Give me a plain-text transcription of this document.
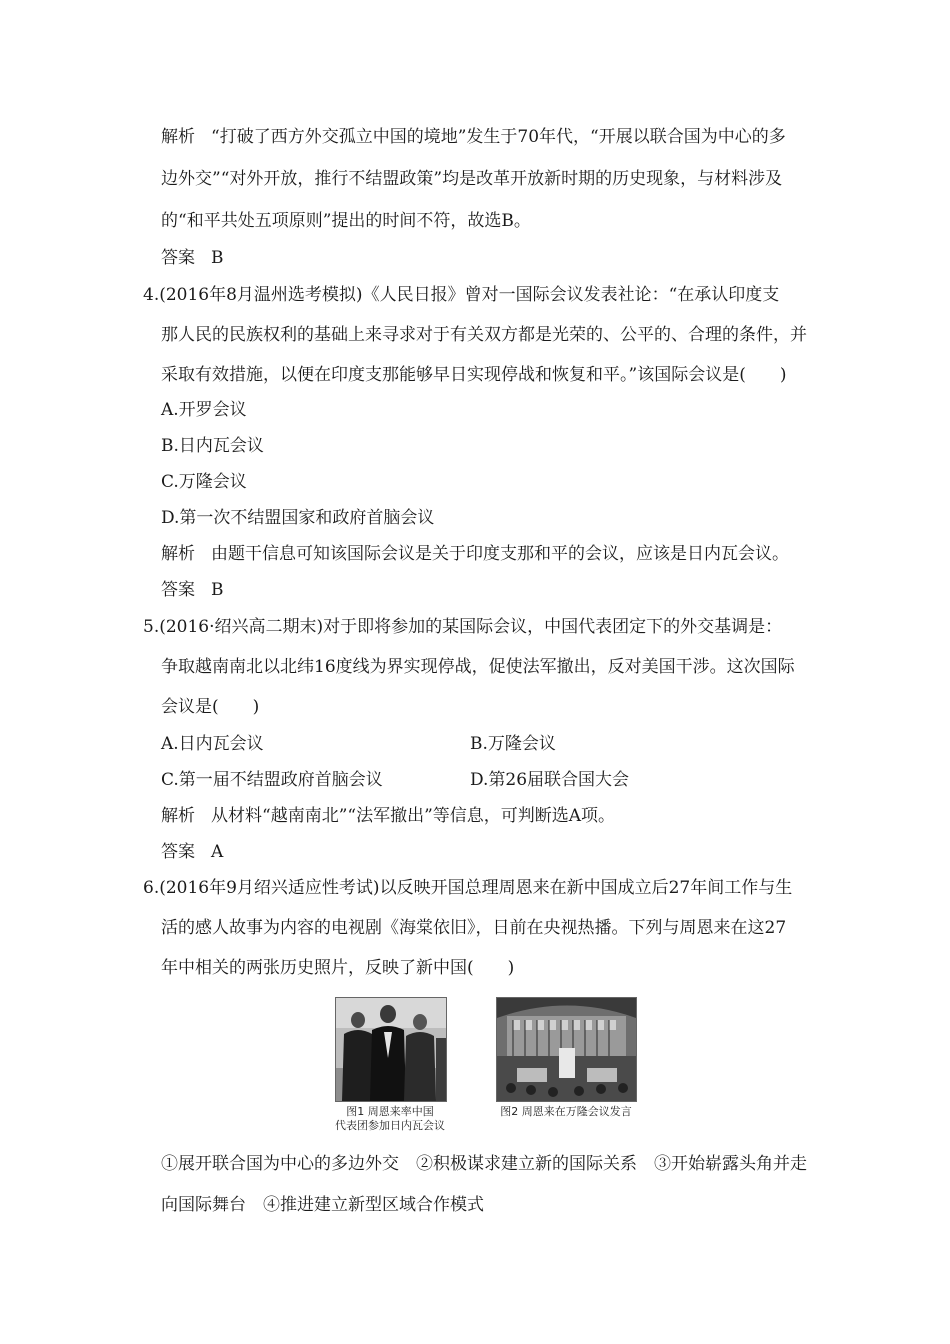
解析 “打破了西方外交孤立中国的境地”发生于70年代，“开展以联合国为中心的多
边外交”“对外开放，推行不结盟政策”均是改革开放新时期的历史现象，与材料涉及
的“和平共处五项原则”提出的时间不符，故选B。
答案 B
4.(2016年8月温州选考模拟)《人民日报》曾对一国际会议发表社论：“在承认印度支
那人民的民族权利的基础上来寻求对于有关双方都是光荣的、公平的、合理的条件，并
采取有效措施，以便在印度支那能够早日实现停战和恢复和平。”该国际会议是(　　)
A.开罗会议
B.日内瓦会议
C.万隆会议
D.第一次不结盟国家和政府首脑会议
解析 由题干信息可知该国际会议是关于印度支那和平的会议，应该是日内瓦会议。
答案 B
5.(2016·绍兴高二期末)对于即将参加的某国际会议，中国代表团定下的外交基调是：
争取越南南北以北纬16度线为界实现停战，促使法军撤出，反对美国干涉。这次国际
会议是(　　)
A.日内瓦会议	B.万隆会议
C.第一届不结盟政府首脑会议	D.第26届联合国大会
解析 从材料“越南南北”“法军撤出”等信息，可判断选A项。
答案 A
6.(2016年9月绍兴适应性考试)以反映开国总理周恩来在新中国成立后27年间工作与生
活的感人故事为内容的电视剧《海棠依旧》，日前在央视热播。下列与周恩来在这27
年中相关的两张历史照片，反映了新中国(　　)
图1 周恩来率中国
代表团参加日内瓦会议
图2 周恩来在万隆会议发言
①展开联合国为中心的多边外交　②积极谋求建立新的国际关系　③开始崭露头角并走
向国际舞台　④推进建立新型区域合作模式
